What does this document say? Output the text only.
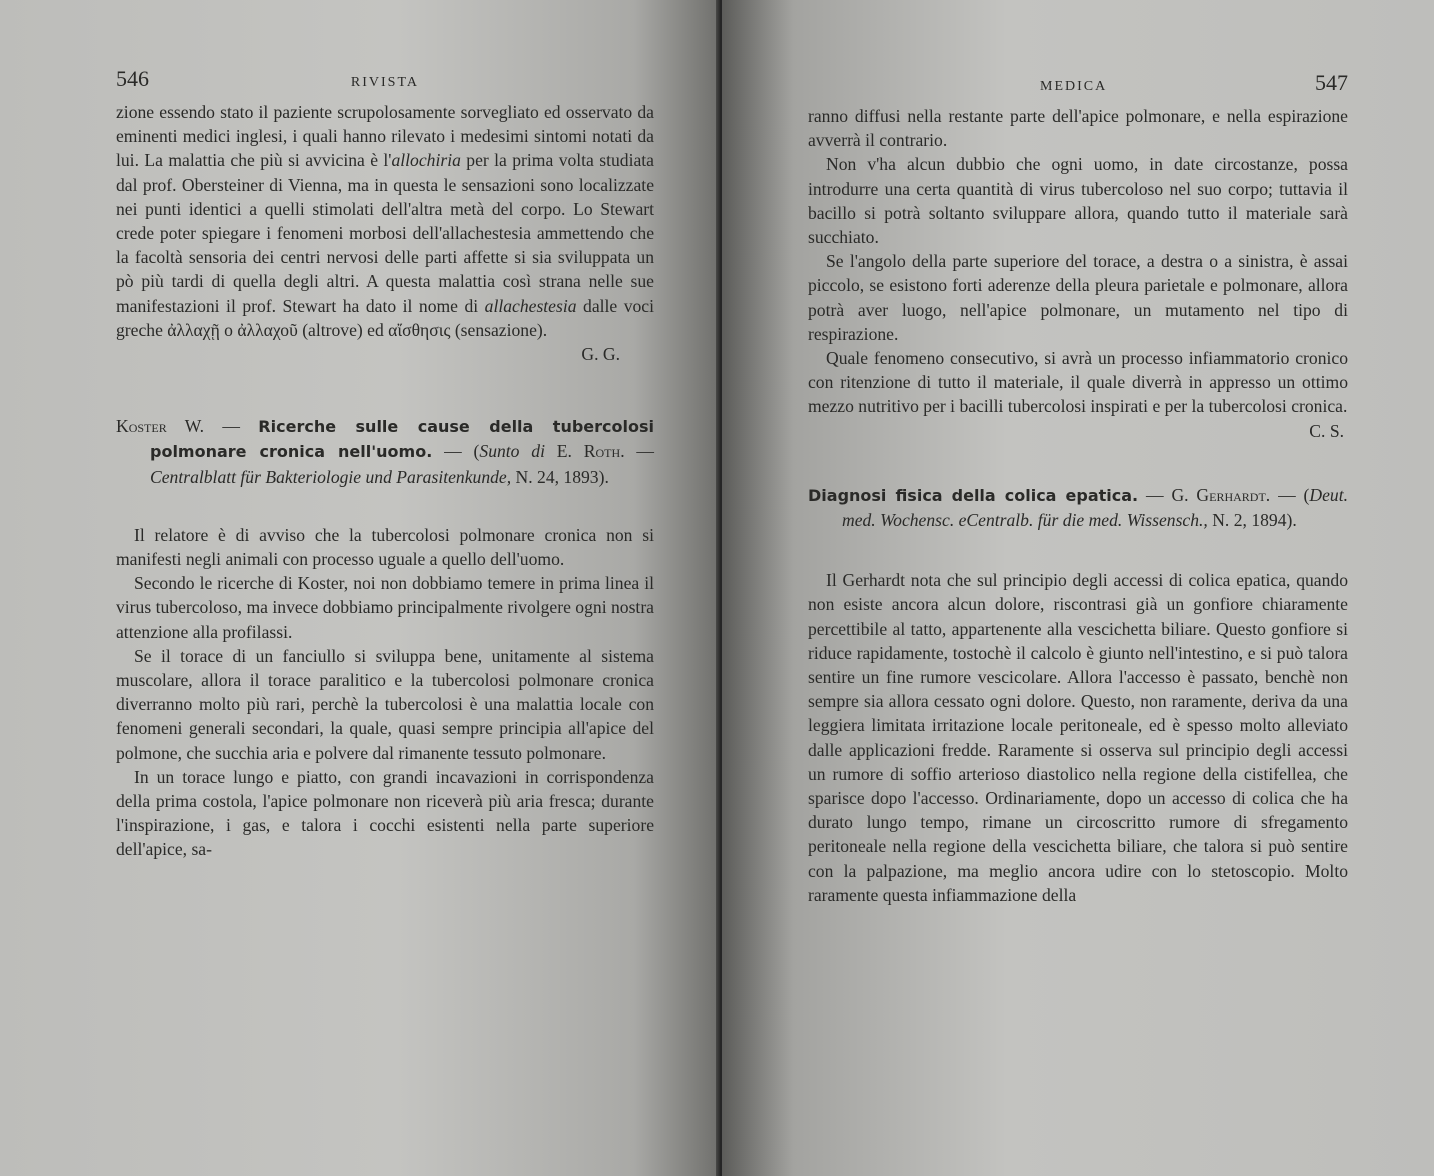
546	RIVISTA

zione essendo stato il paziente scrupolosamente sorvegliato ed osservato da eminenti medici inglesi, i quali hanno rilevato i medesimi sintomi notati da lui. La malattia che più si avvicina è l'allochiria per la prima volta studiata dal prof. Obersteiner di Vienna, ma in questa le sensazioni sono localizzate nei punti identici a quelli stimolati dell'altra metà del corpo. Lo Stewart crede poter spiegare i fenomeni morbosi dell'allachestesia ammettendo che la facoltà sensoria dei centri nervosi delle parti affette si sia sviluppata un pò più tardi di quella degli altri. A questa malattia così strana nelle sue manifestazioni il prof. Stewart ha dato il nome di allachestesia dalle voci greche ἀλλαχῇ o ἀλλαχοῦ (altrove) ed αἴσθησις (sensazione).

G. G.

Koster W. — Ricerche sulle cause della tubercolosi polmonare cronica nell'uomo. — (Sunto di E. Roth. — Centralblatt für Bakteriologie und Parasitenkunde, N. 24, 1893).

Il relatore è di avviso che la tubercolosi polmonare cronica non si manifesti negli animali con processo uguale a quello dell'uomo.

Secondo le ricerche di Koster, noi non dobbiamo temere in prima linea il virus tubercoloso, ma invece dobbiamo principalmente rivolgere ogni nostra attenzione alla profilassi.

Se il torace di un fanciullo si sviluppa bene, unitamente al sistema muscolare, allora il torace paralitico e la tubercolosi polmonare cronica diverranno molto più rari, perchè la tubercolosi è una malattia locale con fenomeni generali secondari, la quale, quasi sempre principia all'apice del polmone, che succhia aria e polvere dal rimanente tessuto polmonare.

In un torace lungo e piatto, con grandi incavazioni in corrispondenza della prima costola, l'apice polmonare non riceverà più aria fresca; durante l'inspirazione, i gas, e talora i cocchi esistenti nella parte superiore dell'apice, sa-

MEDICA	547

ranno diffusi nella restante parte dell'apice polmonare, e nella espirazione avverrà il contrario.

Non v'ha alcun dubbio che ogni uomo, in date circostanze, possa introdurre una certa quantità di virus tubercoloso nel suo corpo; tuttavia il bacillo si potrà soltanto sviluppare allora, quando tutto il materiale sarà succhiato.

Se l'angolo della parte superiore del torace, a destra o a sinistra, è assai piccolo, se esistono forti aderenze della pleura parietale e polmonare, allora potrà aver luogo, nell'apice polmonare, un mutamento nel tipo di respirazione.

Quale fenomeno consecutivo, si avrà un processo infiammatorio cronico con ritenzione di tutto il materiale, il quale diverrà in appresso un ottimo mezzo nutritivo per i bacilli tubercolosi inspirati e per la tubercolosi cronica.

C. S.

Diagnosi fisica della colica epatica. — G. Gerhardt. — (Deut. med. Wochensc. eCentralb. für die med. Wissensch., N. 2, 1894).

Il Gerhardt nota che sul principio degli accessi di colica epatica, quando non esiste ancora alcun dolore, riscontrasi già un gonfiore chiaramente percettibile al tatto, appartenente alla vescichetta biliare. Questo gonfiore si riduce rapidamente, tostochè il calcolo è giunto nell'intestino, e si può talora sentire un fine rumore vescicolare. Allora l'accesso è passato, benchè non sempre sia allora cessato ogni dolore. Questo, non raramente, deriva da una leggiera limitata irritazione locale peritoneale, ed è spesso molto alleviato dalle applicazioni fredde. Raramente si osserva sul principio degli accessi un rumore di soffio arterioso diastolico nella regione della cistifellea, che sparisce dopo l'accesso. Ordinariamente, dopo un accesso di colica che ha durato lungo tempo, rimane un circoscritto rumore di sfregamento peritoneale nella regione della vescichetta biliare, che talora si può sentire con la palpazione, ma meglio ancora udire con lo stetoscopio. Molto raramente questa infiammazione della
